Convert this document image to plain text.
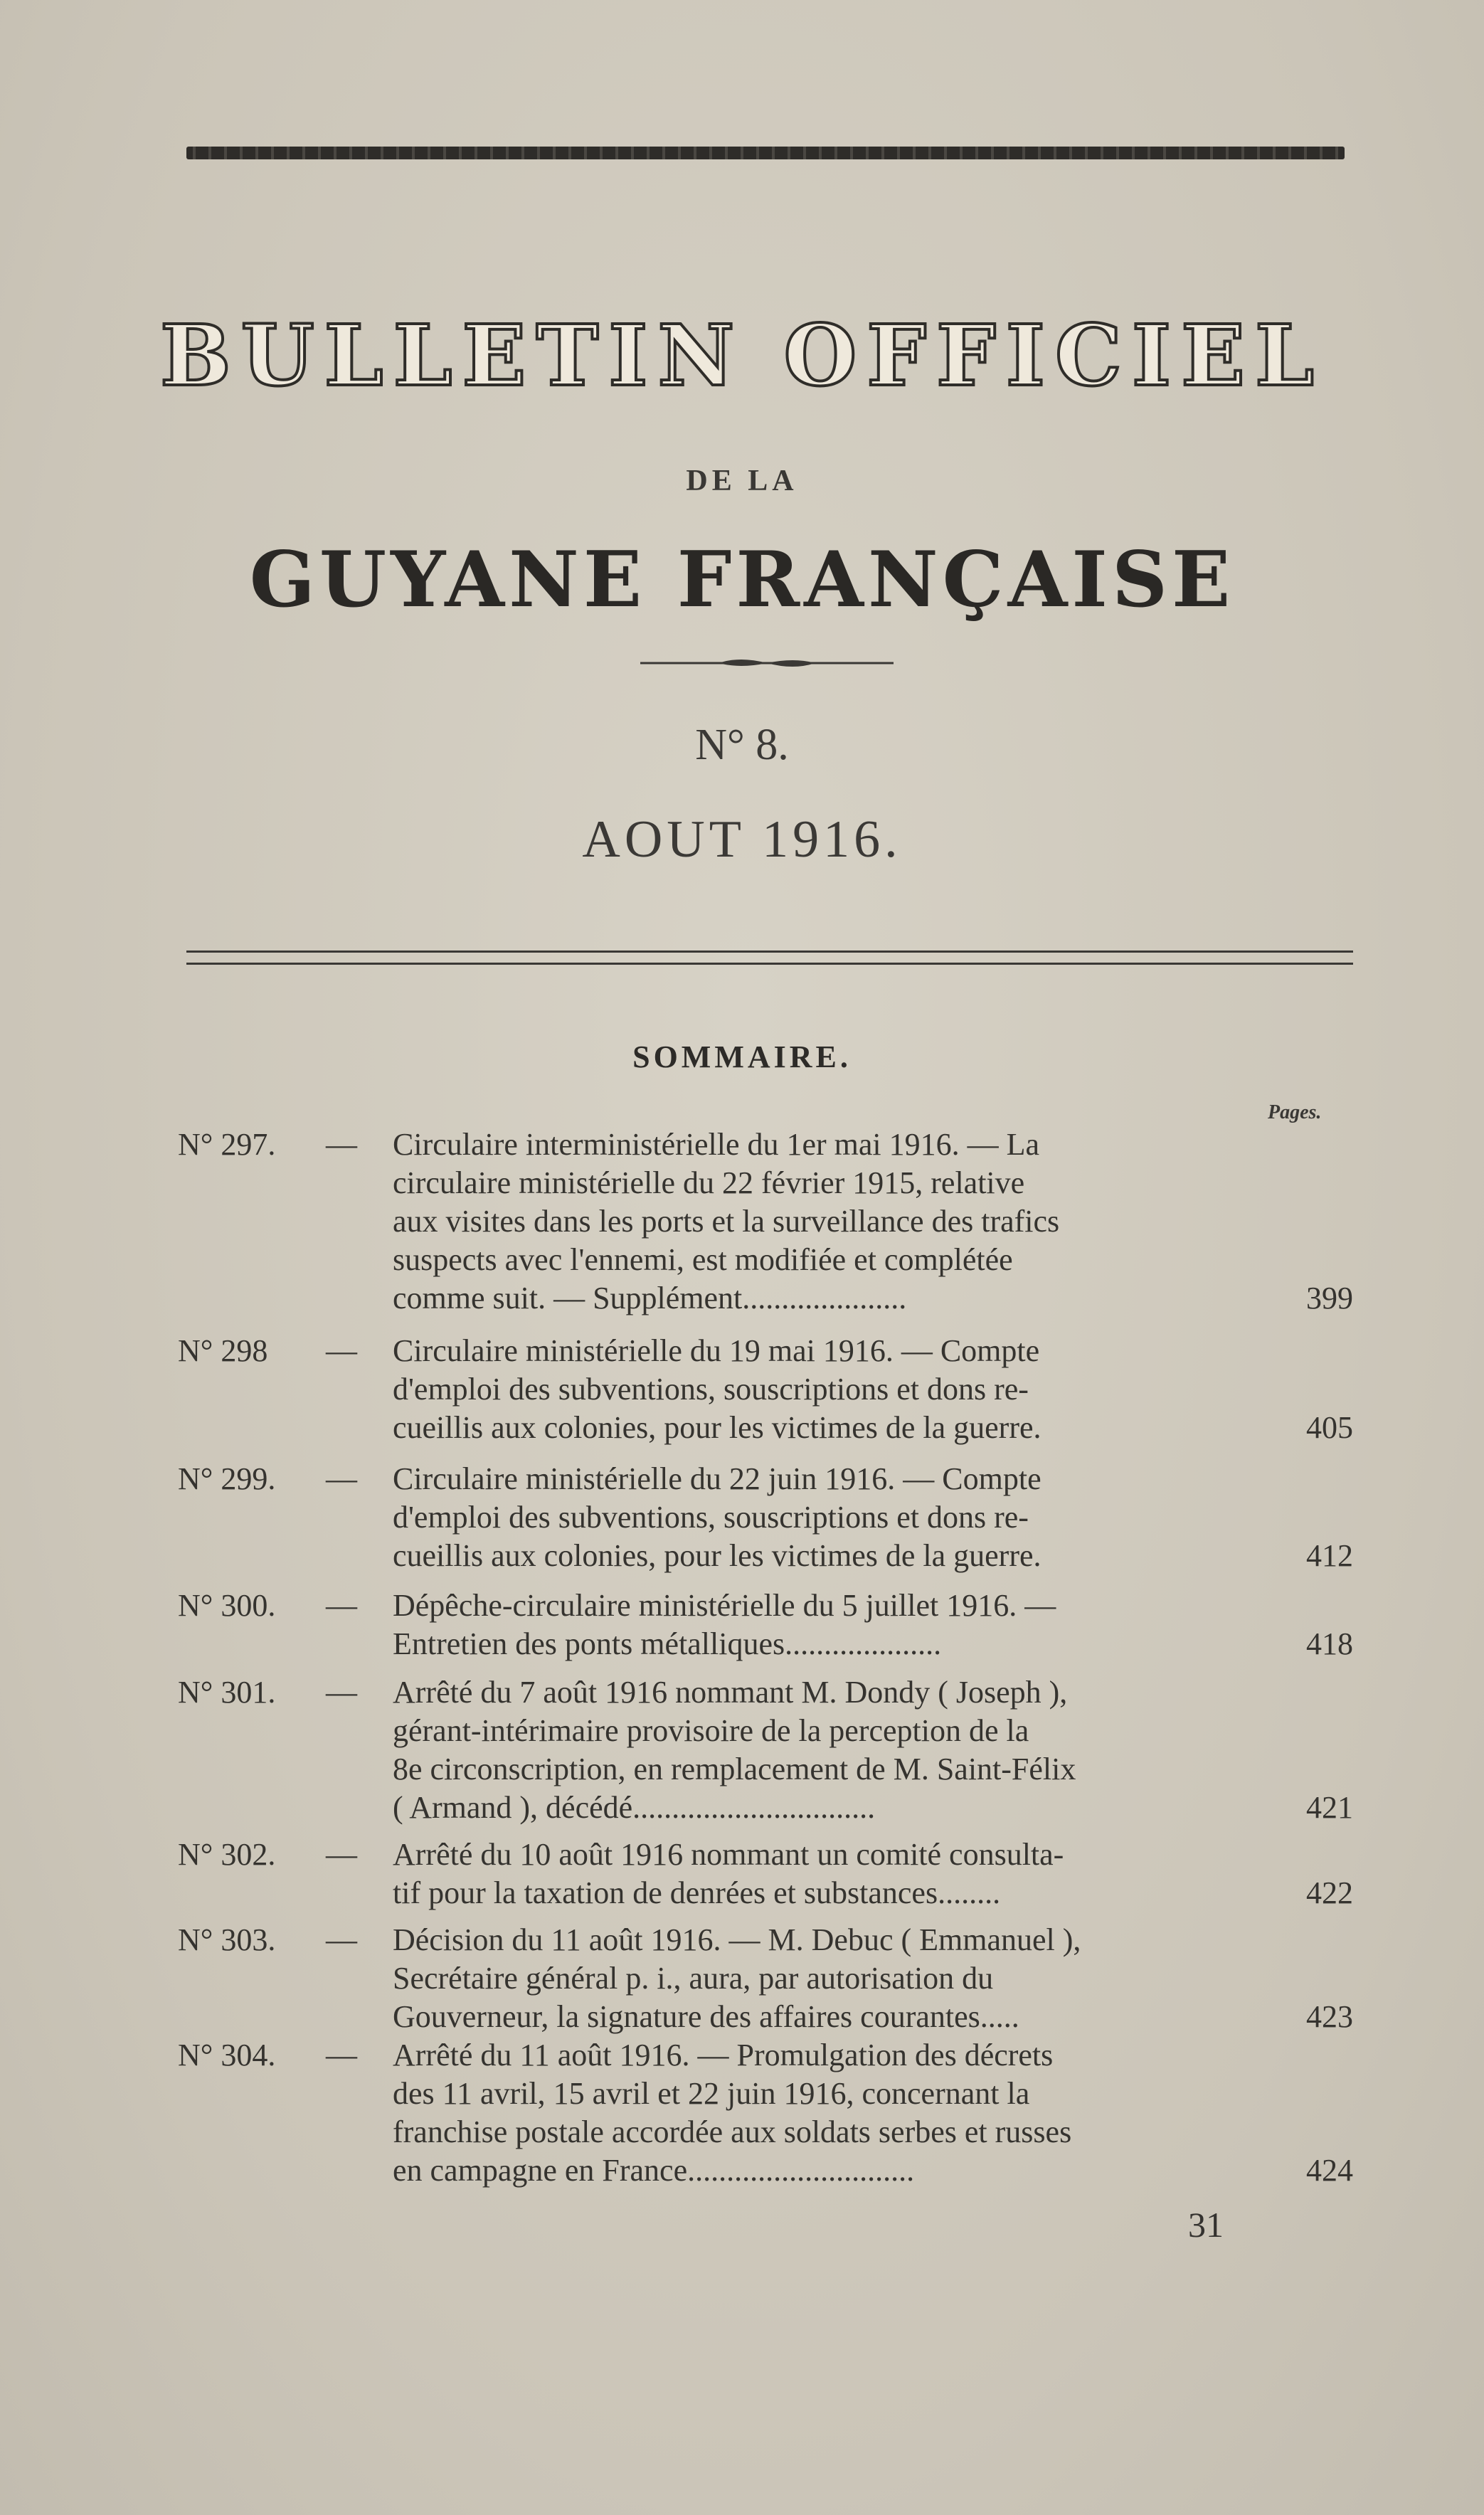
BULLETIN OFFICIEL
DE LA
GUYANE FRANÇAISE
N° 8.
AOUT 1916.
SOMMAIRE.
Pages.
N° 297.	— Circulaire interministérielle du 1er mai 1916. — La
circulaire ministérielle du 22 février 1915, relative
aux visites dans les ports et la surveillance des trafics
suspects avec l'ennemi, est modifiée et complétée
comme suit. — Supplément.....................	399
N° 298	— Circulaire ministérielle du 19 mai 1916. — Compte
d'emploi des subventions, souscriptions et dons re-
cueillis aux colonies, pour les victimes de la guerre.	405
N° 299.	— Circulaire ministérielle du 22 juin 1916. — Compte
d'emploi des subventions, souscriptions et dons re-
cueillis aux colonies, pour les victimes de la guerre.	412
N° 300.	— Dépêche-circulaire ministérielle du 5 juillet 1916. —
Entretien des ponts métalliques....................	418
N° 301.	— Arrêté du 7 août 1916 nommant M. Dondy ( Joseph ),
gérant-intérimaire provisoire de la perception de la
8e circonscription, en remplacement de M. Saint-Félix
( Armand ), décédé...............................	421
N° 302.	— Arrêté du 10 août 1916 nommant un comité consulta-
tif pour la taxation de denrées et substances........	422
N° 303.	— Décision du 11 août 1916. — M. Debuc ( Emmanuel ),
Secrétaire général p. i., aura, par autorisation du
Gouverneur, la signature des affaires courantes.....	423
N° 304.	— Arrêté du 11 août 1916. — Promulgation des décrets
des 11 avril, 15 avril et 22 juin 1916, concernant la
franchise postale accordée aux soldats serbes et russes
en campagne en France.............................	424
31
